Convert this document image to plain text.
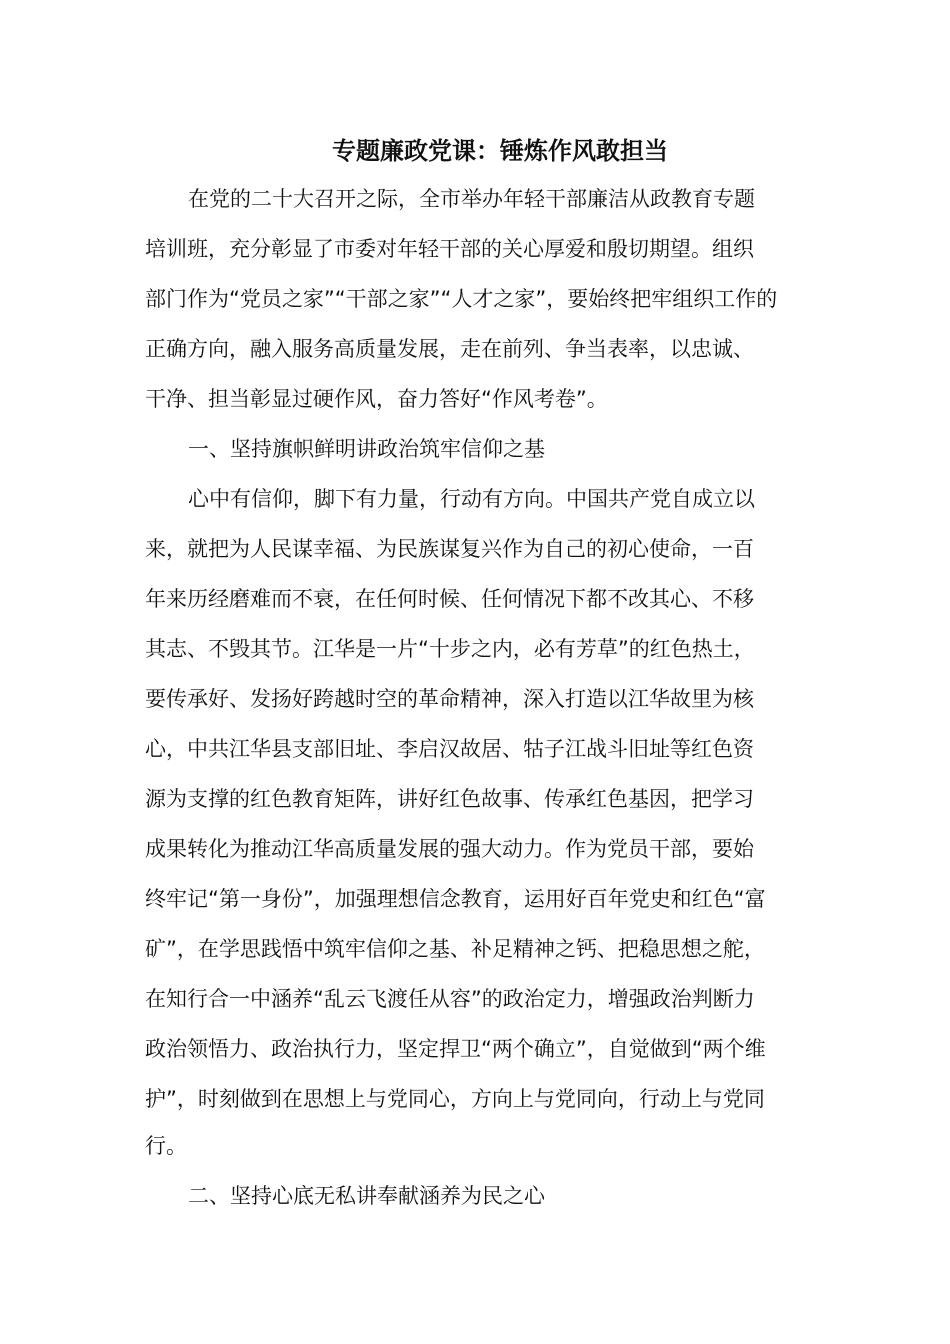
专题廉政党课：锤炼作风敢担当

在党的二十大召开之际，全市举办年轻干部廉洁从政教育专题

培训班，充分彰显了市委对年轻干部的关心厚爱和殷切期望。组织

部门作为“党员之家”“干部之家”“人才之家”，要始终把牢组织工作的

正确方向，融入服务高质量发展，走在前列、争当表率，以忠诚、

干净、担当彰显过硬作风，奋力答好“作风考卷”。

一、坚持旗帜鲜明讲政治筑牢信仰之基

心中有信仰，脚下有力量，行动有方向。中国共产党自成立以

来，就把为人民谋幸福、为民族谋复兴作为自己的初心使命，一百

年来历经磨难而不衰，在任何时候、任何情况下都不改其心、不移

其志、不毁其节。江华是一片“十步之内，必有芳草”的红色热土，

要传承好、发扬好跨越时空的革命精神，深入打造以江华故里为核

心，中共江华县支部旧址、李启汉故居、牯子江战斗旧址等红色资

源为支撑的红色教育矩阵，讲好红色故事、传承红色基因，把学习

成果转化为推动江华高质量发展的强大动力。作为党员干部，要始

终牢记“第一身份”，加强理想信念教育，运用好百年党史和红色“富

矿”，在学思践悟中筑牢信仰之基、补足精神之钙、把稳思想之舵，

在知行合一中涵养“乱云飞渡任从容”的政治定力，增强政治判断力

政治领悟力、政治执行力，坚定捍卫“两个确立”，自觉做到“两个维

护”，时刻做到在思想上与党同心，方向上与党同向，行动上与党同

行。

二、坚持心底无私讲奉献涵养为民之心
